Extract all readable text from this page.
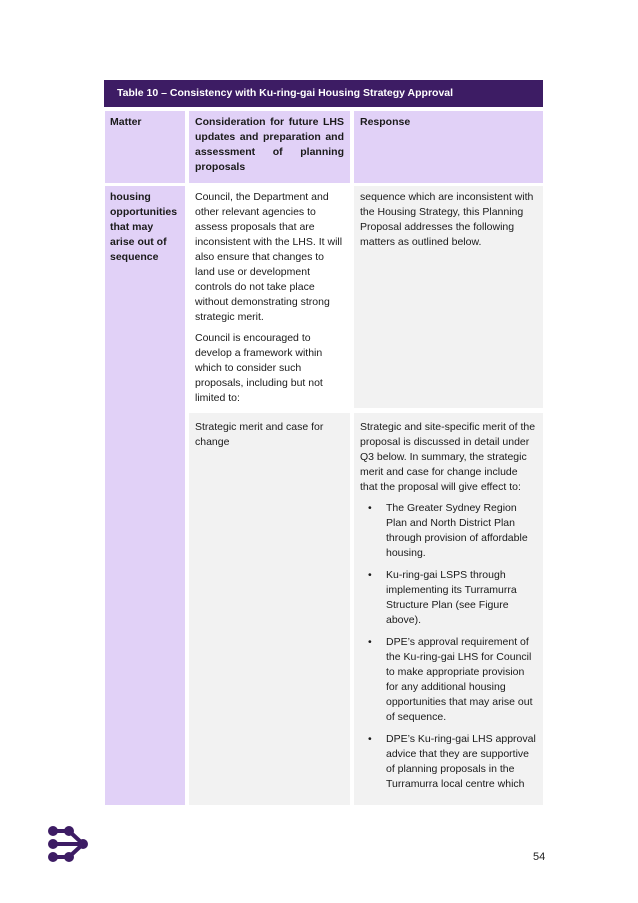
Table 10 – Consistency with Ku-ring-gai Housing Strategy Approval
Matter	Consideration for future LHS updates and preparation and assessment of planning proposals
Response
housing opportunities that may arise out of sequence

Council, the Department and other relevant agencies to assess proposals that are inconsistent with the LHS. It will also ensure that changes to land use or development controls do not take place without demonstrating strong strategic merit.

Council is encouraged to develop a framework within which to consider such proposals, including but not limited to:

sequence which are inconsistent with the Housing Strategy, this Planning Proposal addresses the following matters as outlined below.
Strategic merit and case for change

Strategic and site-specific merit of the proposal is discussed in detail under Q3 below. In summary, the strategic merit and case for change include that the proposal will give effect to:

• The Greater Sydney Region Plan and North District Plan through provision of affordable housing.
• Ku-ring-gai LSPS through implementing its Turramurra Structure Plan (see Figure above).
• DPE’s approval requirement of the Ku-ring-gai LHS for Council to make appropriate provision for any additional housing opportunities that may arise out of sequence.
• DPE’s Ku-ring-gai LHS approval advice that they are supportive of planning proposals in the Turramurra local centre which
54
